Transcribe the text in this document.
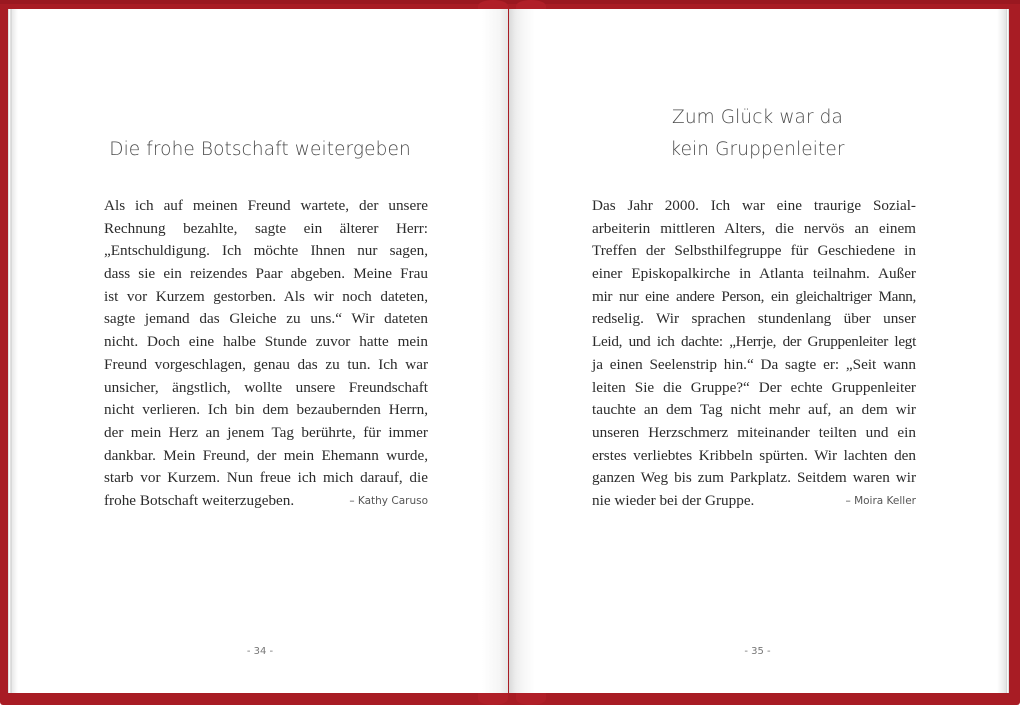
Die frohe Botschaft weitergeben
Als ich auf meinen Freund wartete, der unsere
Rechnung bezahlte, sagte ein älterer Herr:
„Entschuldigung. Ich möchte Ihnen nur sagen,
dass sie ein reizendes Paar abgeben. Meine Frau
ist vor Kurzem gestorben. Als wir noch dateten,
sagte jemand das Gleiche zu uns.“ Wir dateten
nicht. Doch eine halbe Stunde zuvor hatte mein
Freund vorgeschlagen, genau das zu tun. Ich war
unsicher, ängstlich, wollte unsere Freundschaft
nicht verlieren. Ich bin dem bezaubernden Herrn,
der mein Herz an jenem Tag berührte, für immer
dankbar. Mein Freund, der mein Ehemann wurde,
starb vor Kurzem. Nun freue ich mich darauf, die
frohe Botschaft weiterzugeben.	– Kathy Caruso
- 34 -
Zum Glück war da
kein Gruppenleiter
Das Jahr 2000. Ich war eine traurige Sozial-
arbeiterin mittleren Alters, die nervös an einem
Treffen der Selbsthilfegruppe für Geschiedene in
einer Episkopalkirche in Atlanta teilnahm. Außer
mir nur eine andere Person, ein gleichaltriger Mann,
redselig. Wir sprachen stundenlang über unser
Leid, und ich dachte: „Herrje, der Gruppenleiter legt
ja einen Seelenstrip hin.“ Da sagte er: „Seit wann
leiten Sie die Gruppe?“ Der echte Gruppenleiter
tauchte an dem Tag nicht mehr auf, an dem wir
unseren Herzschmerz miteinander teilten und ein
erstes verliebtes Kribbeln spürten. Wir lachten den
ganzen Weg bis zum Parkplatz. Seitdem waren wir
nie wieder bei der Gruppe.	– Moira Keller
- 35 -
